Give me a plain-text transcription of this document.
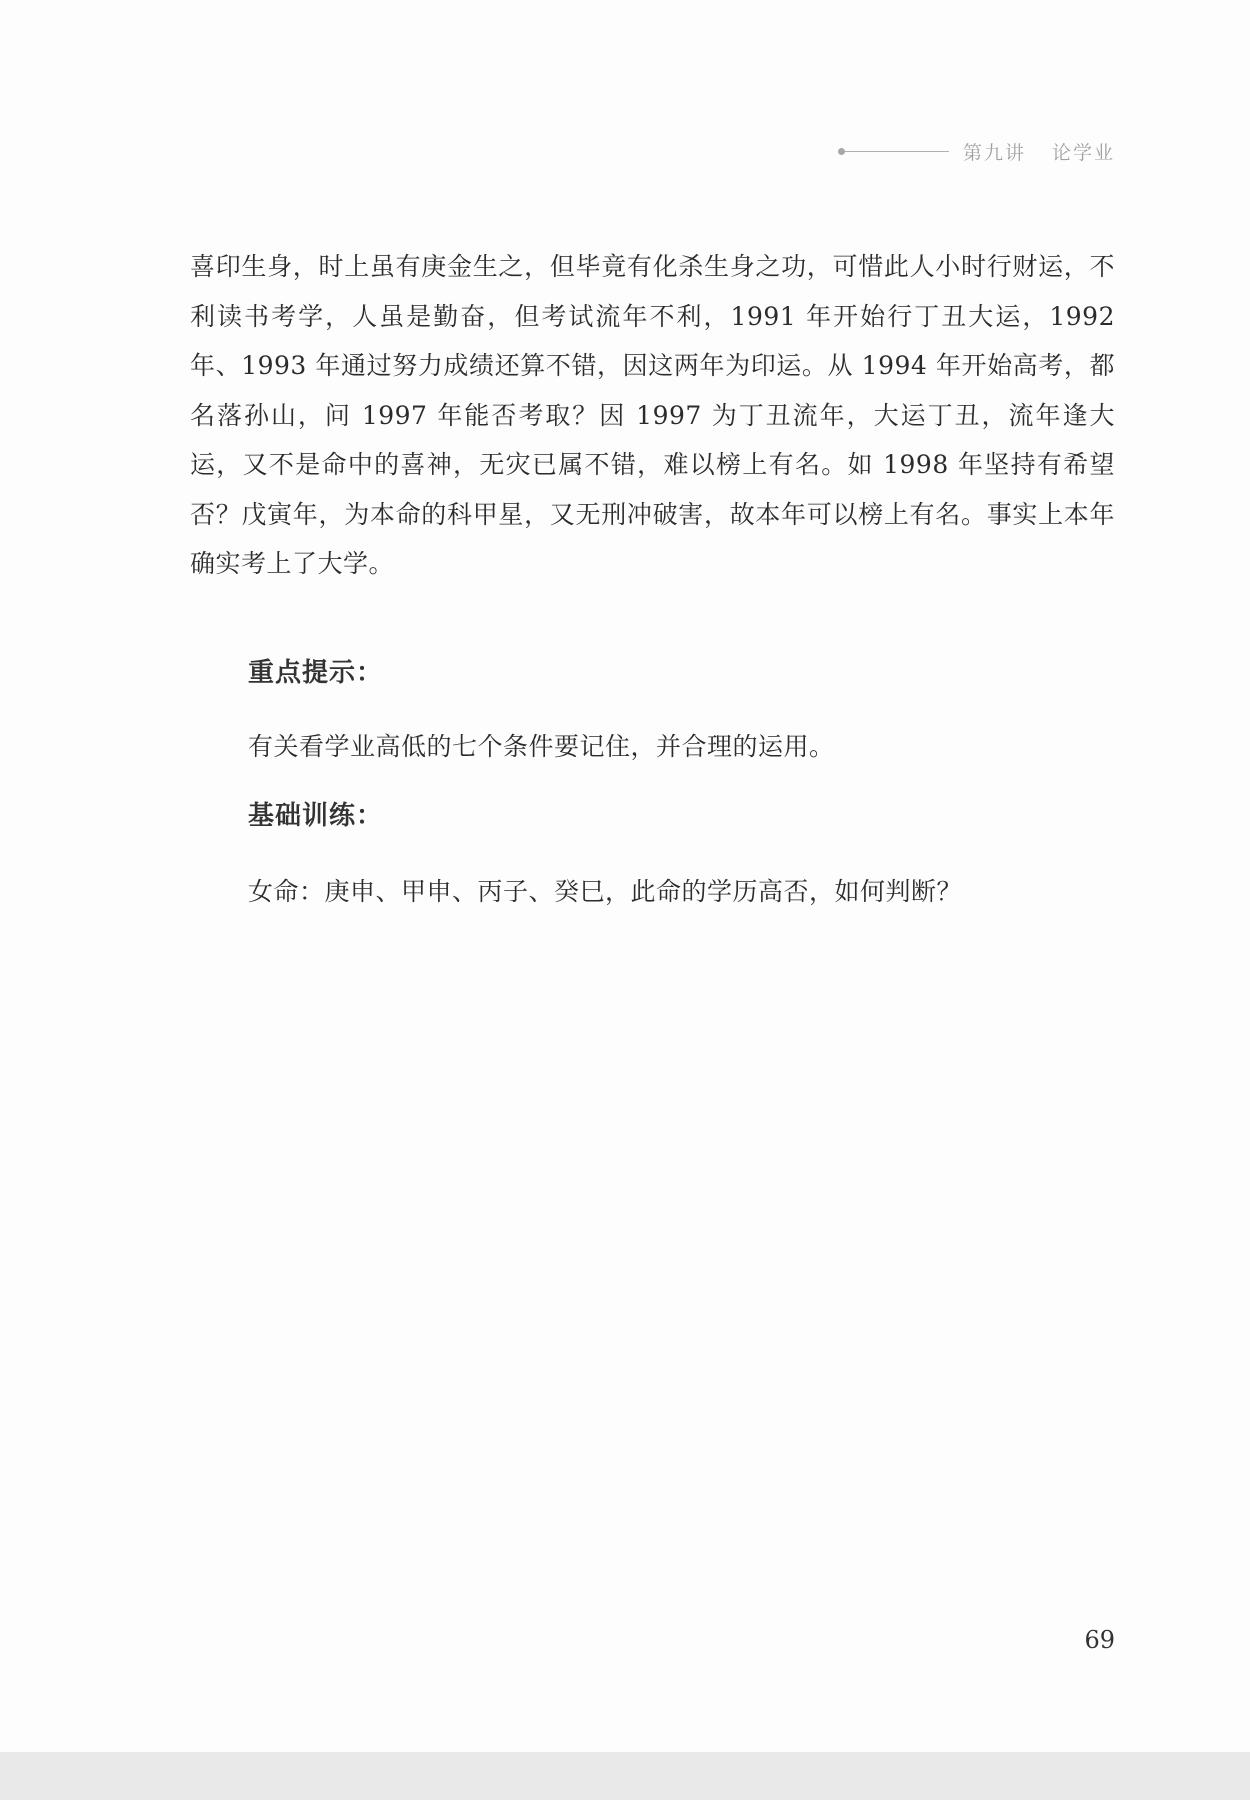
第九讲 论学业

喜印生身，时上虽有庚金生之，但毕竟有化杀生身之功，可惜此人小时行财运，不利读书考学，人虽是勤奋，但考试流年不利，1991 年开始行丁丑大运，1992 年、1993 年通过努力成绩还算不错，因这两年为印运。从 1994 年开始高考，都名落孙山，问 1997 年能否考取？因 1997 为丁丑流年，大运丁丑，流年逢大运，又不是命中的喜神，无灾已属不错，难以榜上有名。如 1998 年坚持有希望否？戊寅年，为本命的科甲星，又无刑冲破害，故本年可以榜上有名。事实上本年确实考上了大学。

重点提示：

有关看学业高低的七个条件要记住，并合理的运用。

基础训练：

女命：庚申、甲申、丙子、癸巳，此命的学历高否，如何判断？

69
